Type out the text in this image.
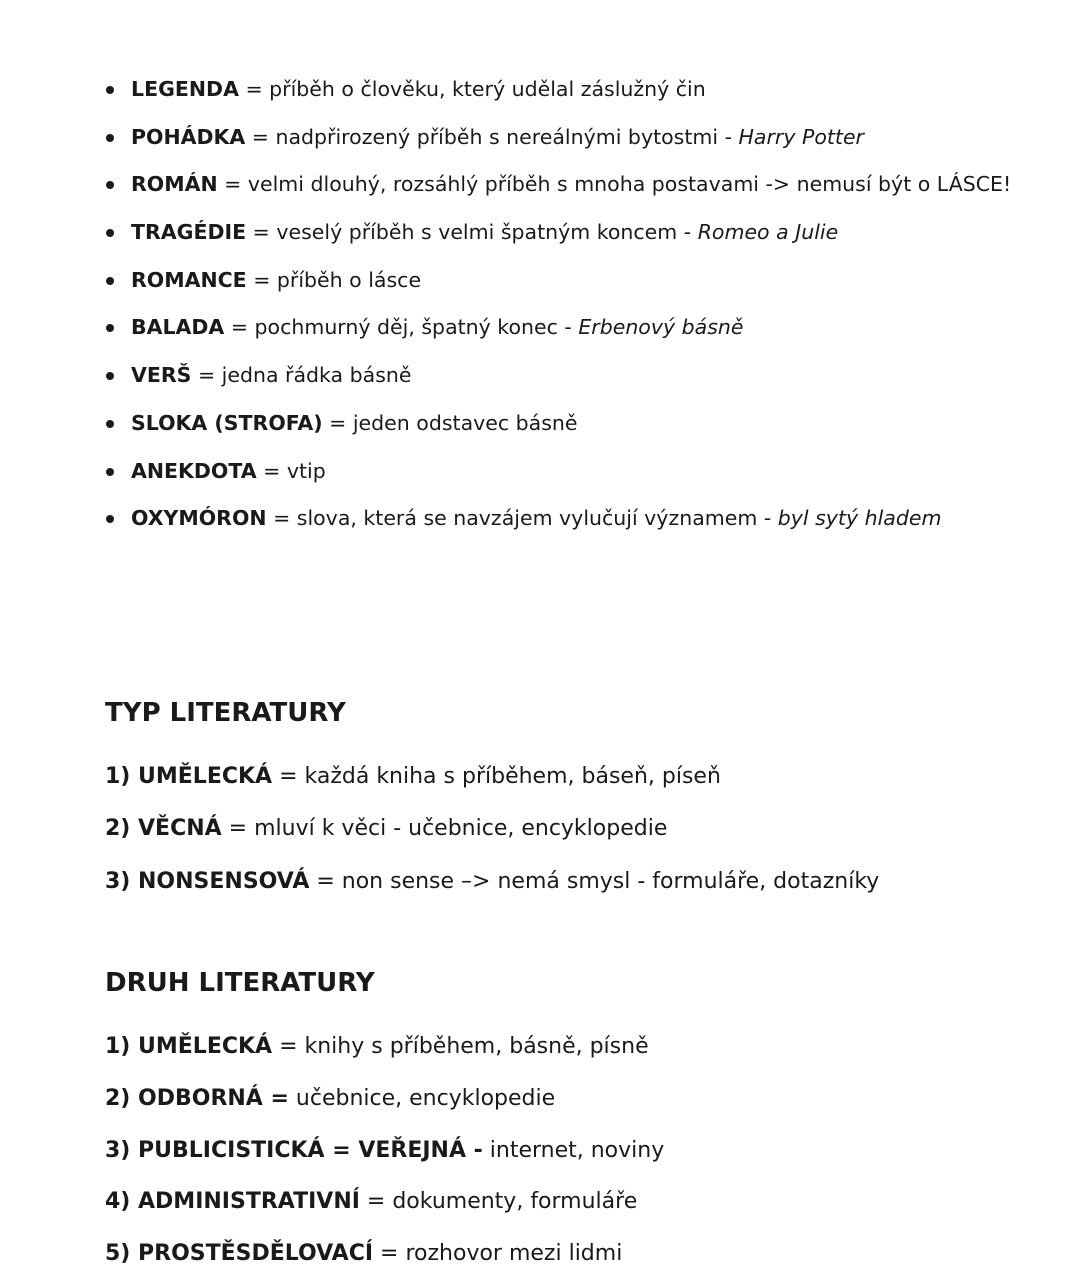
LEGENDA = příběh o člověku, který udělal záslužný čin
POHÁDKA = nadpřirozený příběh s nereálnými bytostmi - Harry Potter
ROMÁN = velmi dlouhý, rozsáhlý příběh s mnoha postavami -> nemusí být o LÁSCE!
TRAGÉDIE = veselý příběh s velmi špatným koncem - Romeo a Julie
ROMANCE = příběh o lásce
BALADA = pochmurný děj, špatný konec - Erbenový básně
VERŠ = jedna řádka básně
SLOKA (STROFA) = jeden odstavec básně
ANEKDOTA = vtip
OXYMÓRON = slova, která se navzájem vylučují významem - byl sytý hladem
TYP LITERATURY
1) UMĚLECKÁ = každá kniha s příběhem, báseň, píseň
2) VĚCNÁ = mluví k věci - učebnice, encyklopedie
3) NONSENSOVÁ = non sense –> nemá smysl - formuláře, dotazníky
DRUH LITERATURY
1) UMĚLECKÁ = knihy s příběhem, básně, písně
2) ODBORNÁ = učebnice, encyklopedie
3) PUBLICISTICKÁ = VEŘEJNÁ - internet, noviny
4) ADMINISTRATIVNÍ = dokumenty, formuláře
5) PROSTĚSDĚLOVACÍ = rozhovor mezi lidmi
